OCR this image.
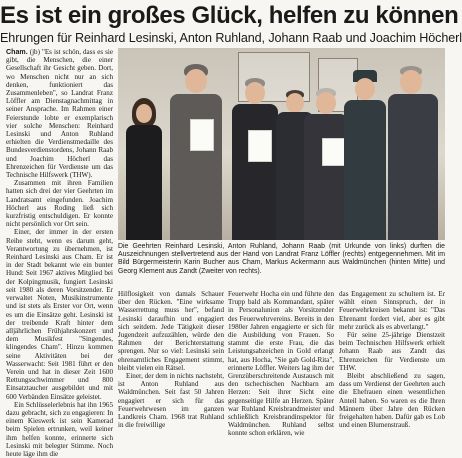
Es ist ein großes Glück, helfen zu können
Ehrungen für Reinhard Lesinski, Anton Ruhland, Johann Raab und Joachim Höcherl

Cham. (jb) "Es ist schön, dass es sie gibt, die Menschen, die einer Gesellschaft ihr Gesicht geben. Dort, wo Menschen nicht nur an sich denken, funktioniert das Zusammenleben", so Landrat Franz Löffler am Dienstagnachmittag in seiner Ansprache. Im Rahmen einer Feierstunde lobte er exemplarisch vier solche Menschen: Reinhard Lesinski und Anton Ruhland erhielten die Verdienstmedaille des Bundesverdienstordens, Johann Raab und Joachim Höcherl das Ehrenzeichen für Verdienste um das Technische Hilfswerk (THW).

Zusammen mit ihren Familien hatten sich drei der vier Geehrten im Landratsamt eingefunden. Joachim Höcherl aus Roding ließ sich kurzfristig entschuldigen. Er konnte nicht persönlich vor Ort sein.

Einer, der immer in der ersten Reihe steht, wenn es darum geht, Verantwortung zu übernehmen, ist Reinhard Lesinski aus Cham. Er ist in der Stadt bekannt wie ein bunter Hund: Seit 1967 aktives Mitglied bei der Kolpingmusik, fungiert Lesinski seit 1980 als deren Vorsitzender. Er verwaltet Noten, Musikinstrumente und ist stets als Erster vor Ort, wenn es um die Einsätze geht. Lesinski ist der treibende Kraft hinter dem alljährlichen Frühjahrskonzert und dem Musikfest "Singendes, klingendes Cham". Hinzu kommen seine Aktivitäten bei der Wasserwacht: Seit 1981 führt er den Verein und hat in dieser Zeit 1600 Rettungsschwimmer und 800 Einsatztaucher ausgebildet und mit 600 Verbänden Einsätze geleistet.

Ein Schlüsselerlebnis hat ihn 1965 dazu gebracht, sich zu engagieren: In einem Kieswerk ist sein Kamerad beim Spielen ertrunken, weil keiner ihm helfen konnte, erinnerte sich Lesinski mit belegter Stimme. Noch heute läge ihm die

Die Geehrten Reinhard Lesinski, Anton Ruhland, Johann Raab (mit Urkunde von links) durften die Auszeichnungen stellvertretend aus der Hand von Landrat Franz Löffler (rechts) entgegennehmen. Mit im Bild Bürgermeisterin Karin Bucher aus Cham, Markus Ackermann aus Waldmünchen (hinten Mitte) und Georg Klement aus Zandt (Zweiter von rechts).

Hilflosigkeit von damals Schauer über den Rücken. "Eine wirksame Wasserrettung muss her", befand Lesinski daraufhin und engagiert sich seitdem. Jede Tätigkeit dieser Jugendzeit aufzuzählen, würde den Rahmen der Berichterstattung sprengen. Nur so viel: Lesinski sein ehrenamtliches Engagement stimmt, bleibt vielen ein Rätsel.

Einer, der dem in nichts nachsteht, ist Anton Ruhland aus Waldmünchen. Seit fast 50 Jahren engagiert er sich für das Feuerwehrwesen im ganzen Landkreis Cham. 1968 trat Ruhland in die freiwillige

Feuerwehr Hocha ein und führte den Trupp bald als Kommandant, später in Personalunion als Vorsitzender des Feuerwehrvereins. Bereits in den 1980er Jahren engagierte er sich für die Ausbildung von Frauen. So stammt die erste Frau, die das Leistungsabzeichen in Gold erlangt hat, aus Hocha, "Sie gab Gold-Rita", erinnerte Löffler. Weiters lag ihm der Grenzüberschreitende Austausch mit den tschechischen Nachbarn am Herzen: Seit ihrer Sicht eine gegenseitige Hilfe an Herzen. Später war Ruhland Kreisbrandmeister und schließlich Kreisbrandinspektor für Waldmünchen. Ruhland selbst konnte schon erklären, wie

das Engagement zu schultern ist. Er wählt einen Sinnspruch, der in Feuerwehrkreisen bekannt ist: "Das Ehrenamt fordert viel, aber es gibt mehr zurück als es abverlangt."

Für seine 25-jährige Dienstzeit beim Technischen Hilfswerk erhielt Johann Raab aus Zandt das Ehrenzeichen für Verdienste um THW.

Bleibt abschließend zu sagen, dass um Verdienst der Geehrten auch die Ehefrauen einen wesentlichen Anteil haben. So waren es die Ihren Männern über Jahre den Rücken freigehalten haben. Dafür gab es Lob und einen Blumenstrauß.
